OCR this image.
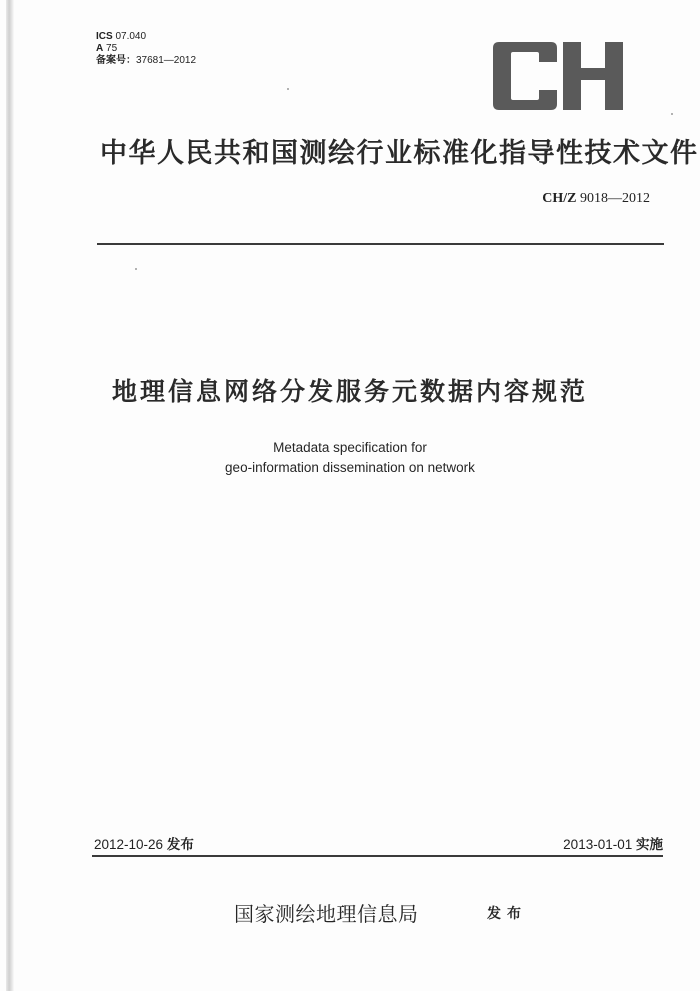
ICS 07.040
A 75
备案号：37681—2012
中华人民共和国测绘行业标准化指导性技术文件
CH/Z 9018—2012
地理信息网络分发服务元数据内容规范
Metadata specification for
geo-information dissemination on network
2012-10-26 发布	2013-01-01 实施
国家测绘地理信息局	发布
